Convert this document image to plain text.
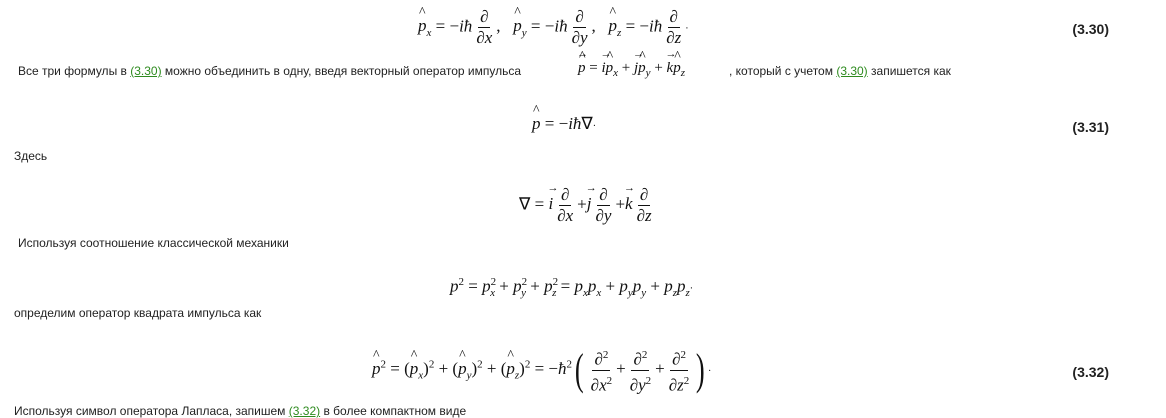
^ $p_x$ = −iħ $\frac{\partial}{\partial x}$ ,   ^ $p_y$ = −iħ $\frac{\partial}{\partial y}$ ,   ^ $p_z$ = −iħ $\frac{\partial}{\partial z}$ ·	(3.30)
Все три формулы в (3.30) можно объединить в одну, введя векторный оператор импульса
→ ^	p = → i^ $p_x$ + → j^ $p_y$ + → k^ $p_z$	, который с учетом (3.30) запишется как
^ p = −iħ∇·	(3.31)
Здесь
∇ = → i $\frac{\partial}{\partial x} +\to j \frac{\partial}{\partial y} +\to k \frac{\partial}{\partial z}$
Используя соотношение классической механики
$p^2 = p^2_x + p^2_y + p^2_z = p_xp_x + p_yp_y + p_zp_z\cdot$
определим оператор квадрата импульса как
^ $p^2$ = (^ $p_x)^2$ + (^ $p_y)^2$ + (^ $p_z)^2$ = $-ħ^2( \frac{\partial^2}{\partial x^2} + \frac{\partial^2}{\partial y^2} + \frac{\partial^2}{\partial z^2}$ ) ·	(3.32)
Используя символ оператора Лапласа, запишем (3.32) в более компактном виде
